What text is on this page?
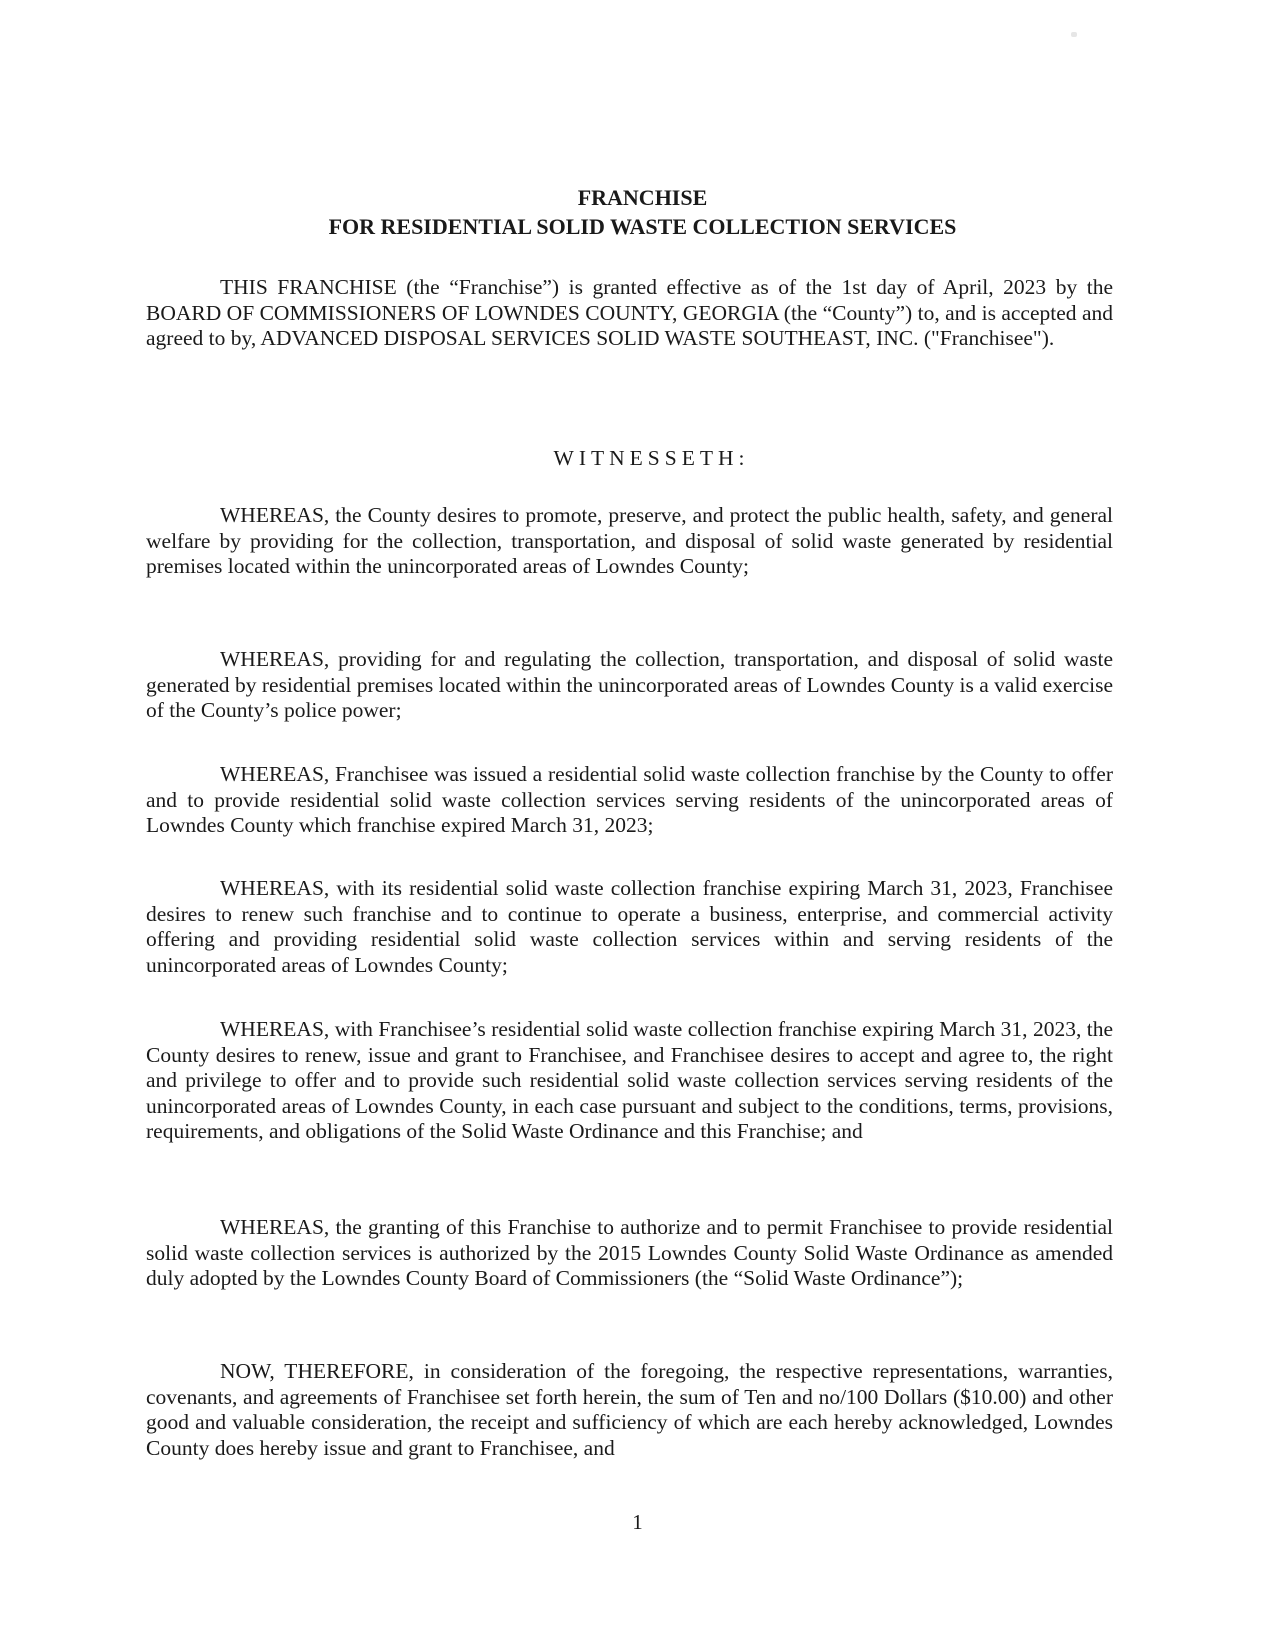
FRANCHISE
FOR RESIDENTIAL SOLID WASTE COLLECTION SERVICES

THIS FRANCHISE (the “Franchise”) is granted effective as of the 1st day of April, 2023 by the BOARD OF COMMISSIONERS OF LOWNDES COUNTY, GEORGIA (the “County”) to, and is accepted and agreed to by, ADVANCED DISPOSAL SERVICES SOLID WASTE SOUTHEAST, INC. ("Franchisee").

WITNESSETH:

WHEREAS, the County desires to promote, preserve, and protect the public health, safety, and general welfare by providing for the collection, transportation, and disposal of solid waste generated by residential premises located within the unincorporated areas of Lowndes County;

WHEREAS, providing for and regulating the collection, transportation, and disposal of solid waste generated by residential premises located within the unincorporated areas of Lowndes County is a valid exercise of the County’s police power;

WHEREAS, Franchisee was issued a residential solid waste collection franchise by the County to offer and to provide residential solid waste collection services serving residents of the unincorporated areas of Lowndes County which franchise expired March 31, 2023;

WHEREAS, with its residential solid waste collection franchise expiring March 31, 2023, Franchisee desires to renew such franchise and to continue to operate a business, enterprise, and commercial activity offering and providing residential solid waste collection services within and serving residents of the unincorporated areas of Lowndes County;

WHEREAS, with Franchisee’s residential solid waste collection franchise expiring March 31, 2023, the County desires to renew, issue and grant to Franchisee, and Franchisee desires to accept and agree to, the right and privilege to offer and to provide such residential solid waste collection services serving residents of the unincorporated areas of Lowndes County, in each case pursuant and subject to the conditions, terms, provisions, requirements, and obligations of the Solid Waste Ordinance and this Franchise; and

WHEREAS, the granting of this Franchise to authorize and to permit Franchisee to provide residential solid waste collection services is authorized by the 2015 Lowndes County Solid Waste Ordinance as amended duly adopted by the Lowndes County Board of Commissioners (the “Solid Waste Ordinance”);

NOW, THEREFORE, in consideration of the foregoing, the respective representations, warranties, covenants, and agreements of Franchisee set forth herein, the sum of Ten and no/100 Dollars ($10.00) and other good and valuable consideration, the receipt and sufficiency of which are each hereby acknowledged, Lowndes County does hereby issue and grant to Franchisee, and

1
